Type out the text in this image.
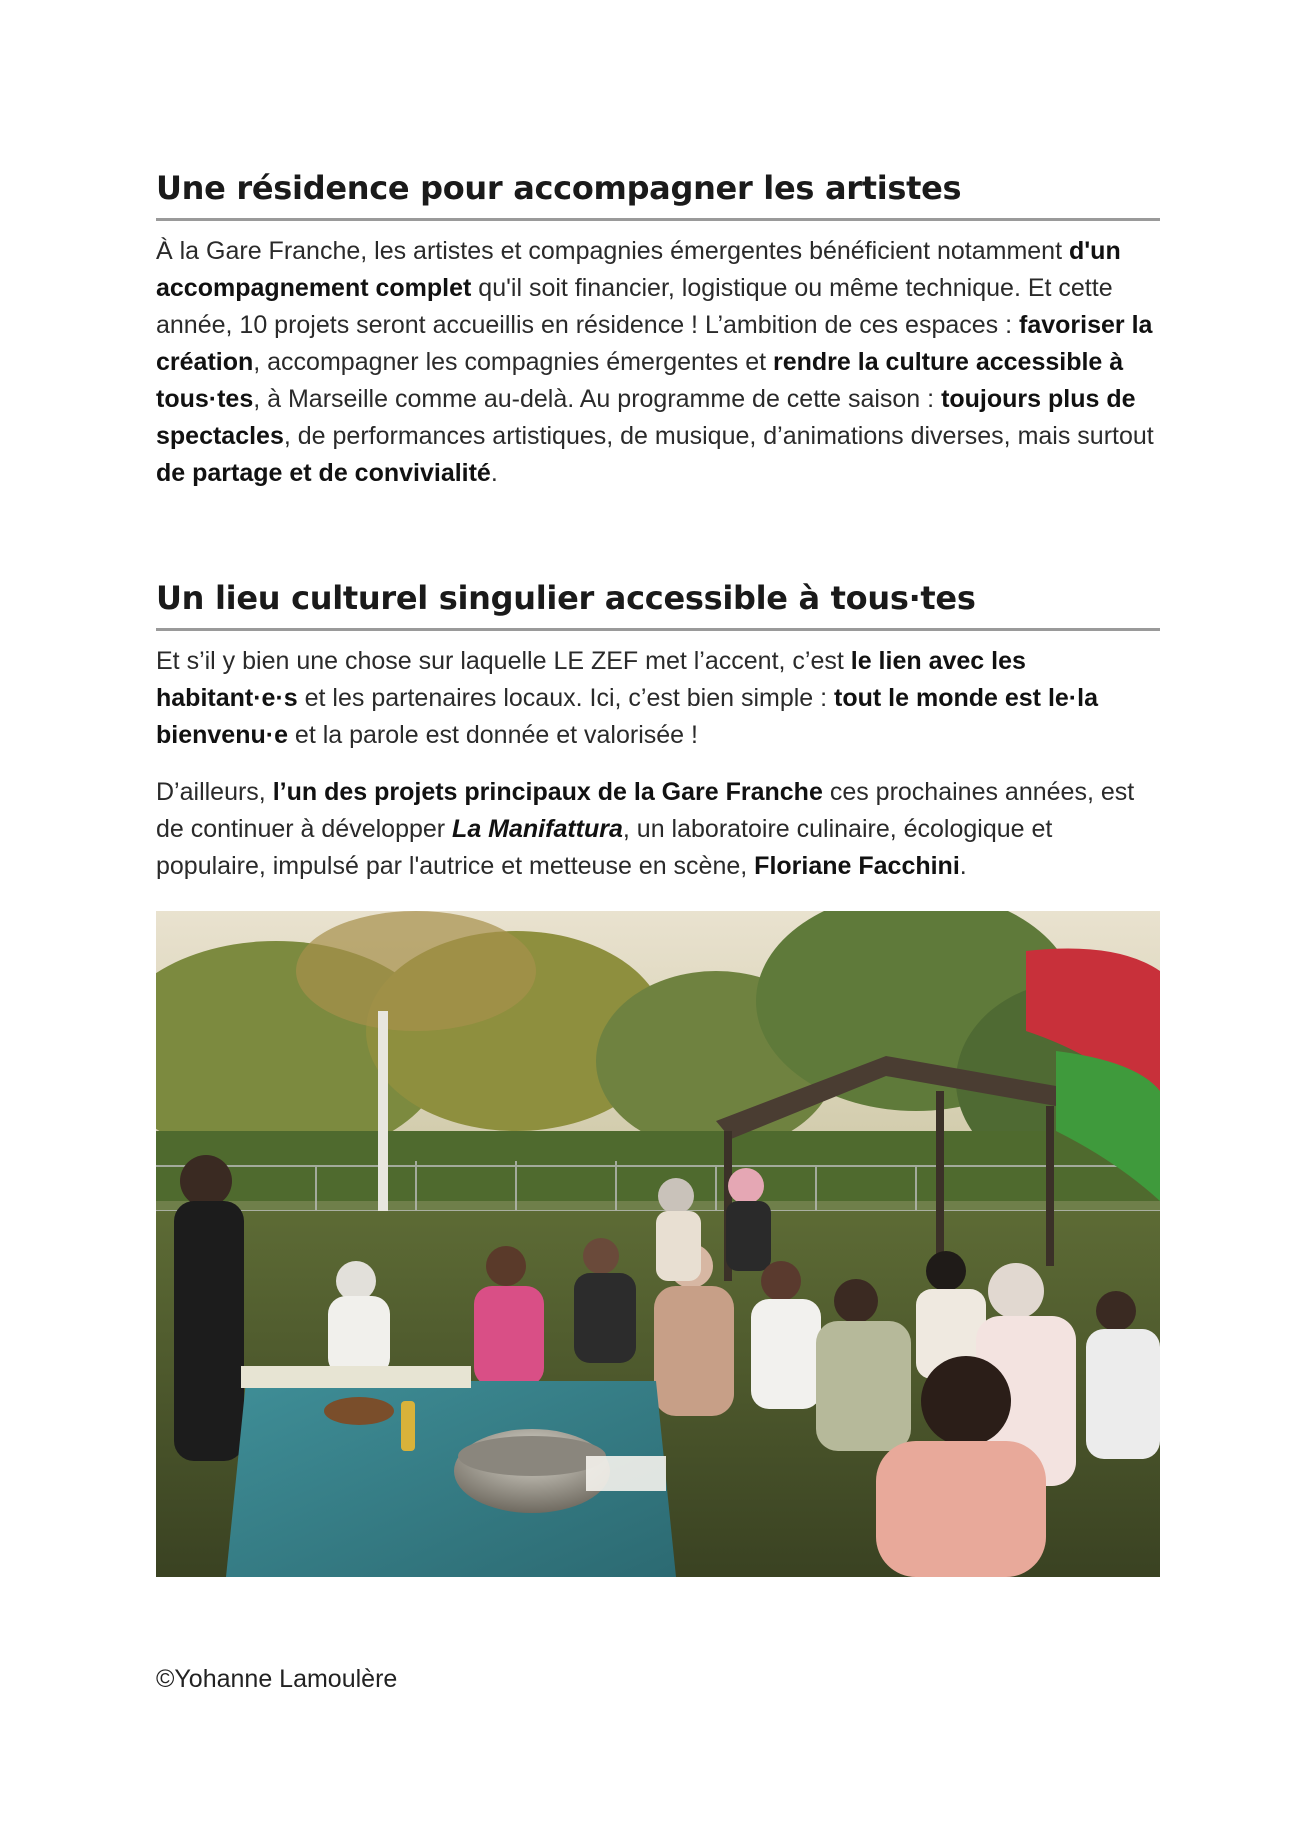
Une résidence pour accompagner les artistes

À la Gare Franche, les artistes et compagnies émergentes bénéficient notamment d'un accompagnement complet qu'il soit financier, logistique ou même technique. Et cette année, 10 projets seront accueillis en résidence ! L’ambition de ces espaces : favoriser la création, accompagner les compagnies émergentes et rendre la culture accessible à tous·tes, à Marseille comme au-delà. Au programme de cette saison : toujours plus de spectacles, de performances artistiques, de musique, d’animations diverses, mais surtout de partage et de convivialité.

Un lieu culturel singulier accessible à tous·tes

Et s’il y bien une chose sur laquelle LE ZEF met l’accent, c’est le lien avec les habitant·e·s et les partenaires locaux. Ici, c’est bien simple : tout le monde est le·la bienvenu·e et la parole est donnée et valorisée !

D’ailleurs, l’un des projets principaux de la Gare Franche ces prochaines années, est de continuer à développer La Manifattura, un laboratoire culinaire, écologique et populaire, impulsé par l'autrice et metteuse en scène, Floriane Facchini.

©Yohanne Lamoulère
